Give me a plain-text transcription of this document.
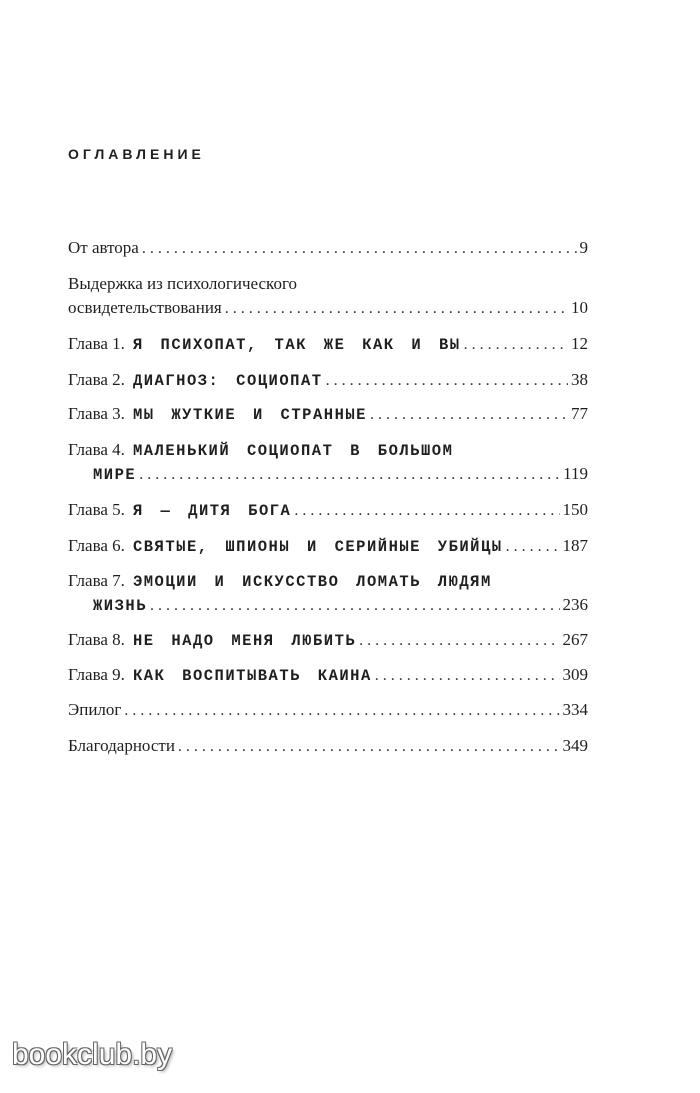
ОГЛАВЛЕНИЕ
От автора . . .	9
Выдержка из психологического
освидетельствования . . .	10
Глава 1. Я ПСИХОПАТ, ТАК ЖЕ КАК И ВЫ . . .	12
Глава 2. ДИАГНОЗ: СОЦИОПАТ . . .	38
Глава 3. МЫ ЖУТКИЕ И СТРАННЫЕ . . .	77
Глава 4. МАЛЕНЬКИЙ СОЦИОПАТ В БОЛЬШОМ
МИРЕ . . .	119
Глава 5. Я — ДИТЯ БОГА . . .	150
Глава 6. СВЯТЫЕ, ШПИОНЫ И СЕРИЙНЫЕ УБИЙЦЫ . . .	187
Глава 7. ЭМОЦИИ И ИСКУССТВО ЛОМАТЬ ЛЮДЯМ
ЖИЗНЬ . . .	236
Глава 8. НЕ НАДО МЕНЯ ЛЮБИТЬ . . .	267
Глава 9. КАК ВОСПИТЫВАТЬ КАИНА . . .	309
Эпилог . . .	334
Благодарности . . .	349
bookclub.by
